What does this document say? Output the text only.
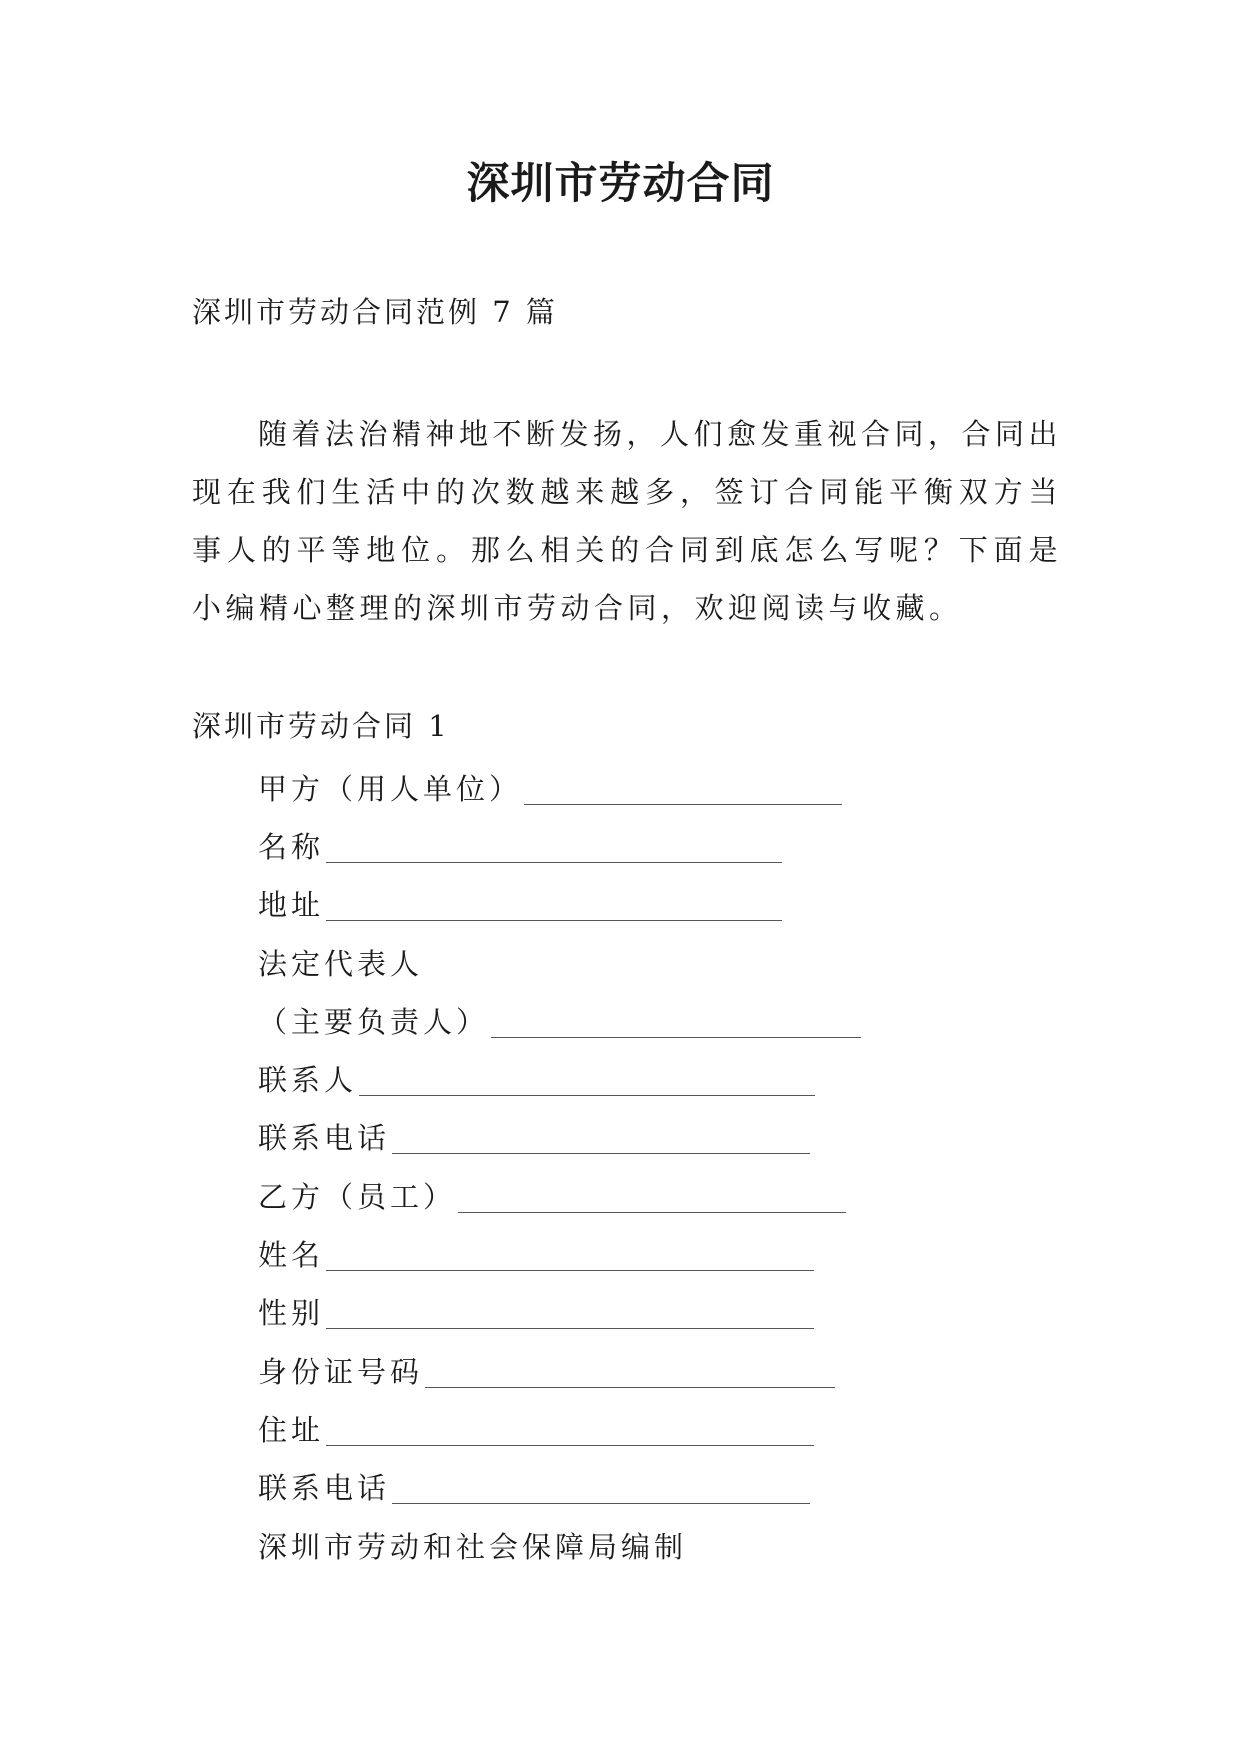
深圳市劳动合同

深圳市劳动合同范例 7 篇

随着法治精神地不断发扬，人们愈发重视合同，合同出现在我们生活中的次数越来越多，签订合同能平衡双方当事人的平等地位。那么相关的合同到底怎么写呢？下面是小编精心整理的深圳市劳动合同，欢迎阅读与收藏。

深圳市劳动合同 1

甲方（用人单位）
名称
地址
法定代表人
（主要负责人）
联系人
联系电话
乙方（员工）
姓名
性别
身份证号码
住址
联系电话
深圳市劳动和社会保障局编制
